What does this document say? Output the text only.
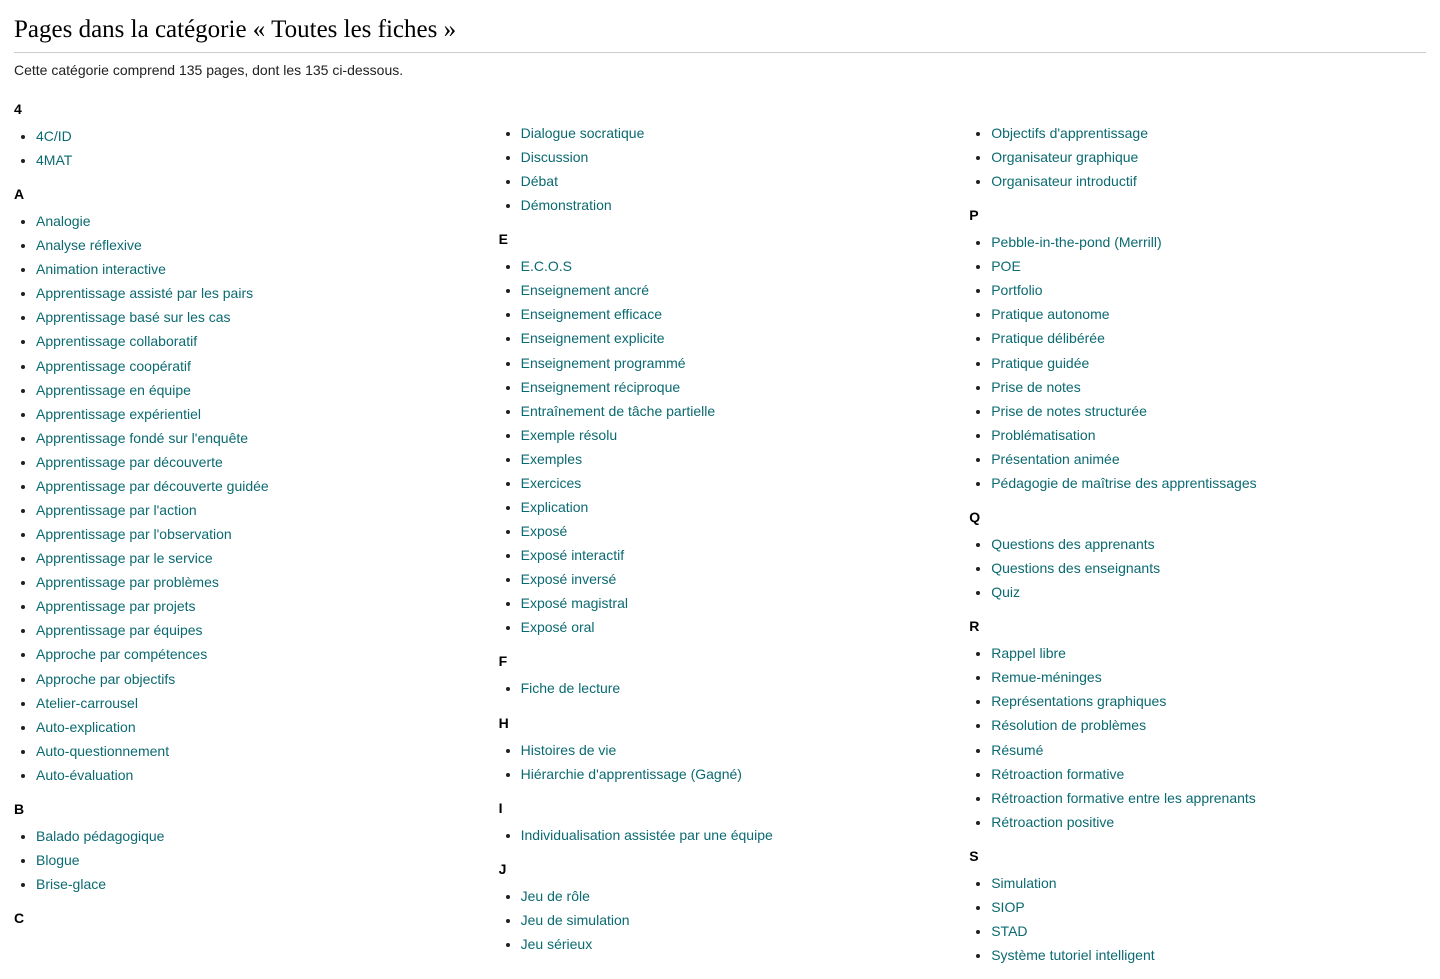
Pages dans la catégorie « Toutes les fiches »
Cette catégorie comprend 135 pages, dont les 135 ci-dessous.
4
• 4C/ID
• 4MAT
A
• Analogie
• Analyse réflexive
• Animation interactive
• Apprentissage assisté par les pairs
• Apprentissage basé sur les cas
• Apprentissage collaboratif
• Apprentissage coopératif
• Apprentissage en équipe
• Apprentissage expérientiel
• Apprentissage fondé sur l'enquête
• Apprentissage par découverte
• Apprentissage par découverte guidée
• Apprentissage par l'action
• Apprentissage par l'observation
• Apprentissage par le service
• Apprentissage par problèmes
• Apprentissage par projets
• Apprentissage par équipes
• Approche par compétences
• Approche par objectifs
• Atelier-carrousel
• Auto-explication
• Auto-questionnement
• Auto-évaluation
B
• Balado pédagogique
• Blogue
• Brise-glace
C
• Dialogue socratique
• Discussion
• Débat
• Démonstration
E
• E.C.O.S
• Enseignement ancré
• Enseignement efficace
• Enseignement explicite
• Enseignement programmé
• Enseignement réciproque
• Entraînement de tâche partielle
• Exemple résolu
• Exemples
• Exercices
• Explication
• Exposé
• Exposé interactif
• Exposé inversé
• Exposé magistral
• Exposé oral
F
• Fiche de lecture
H
• Histoires de vie
• Hiérarchie d'apprentissage (Gagné)
I
• Individualisation assistée par une équipe
J
• Jeu de rôle
• Jeu de simulation
• Jeu sérieux
• Objectifs d'apprentissage
• Organisateur graphique
• Organisateur introductif
P
• Pebble-in-the-pond (Merrill)
• POE
• Portfolio
• Pratique autonome
• Pratique délibérée
• Pratique guidée
• Prise de notes
• Prise de notes structurée
• Problématisation
• Présentation animée
• Pédagogie de maîtrise des apprentissages
Q
• Questions des apprenants
• Questions des enseignants
• Quiz
R
• Rappel libre
• Remue-méninges
• Représentations graphiques
• Résolution de problèmes
• Résumé
• Rétroaction formative
• Rétroaction formative entre les apprenants
• Rétroaction positive
S
• Simulation
• SIOP
• STAD
• Système tutoriel intelligent
